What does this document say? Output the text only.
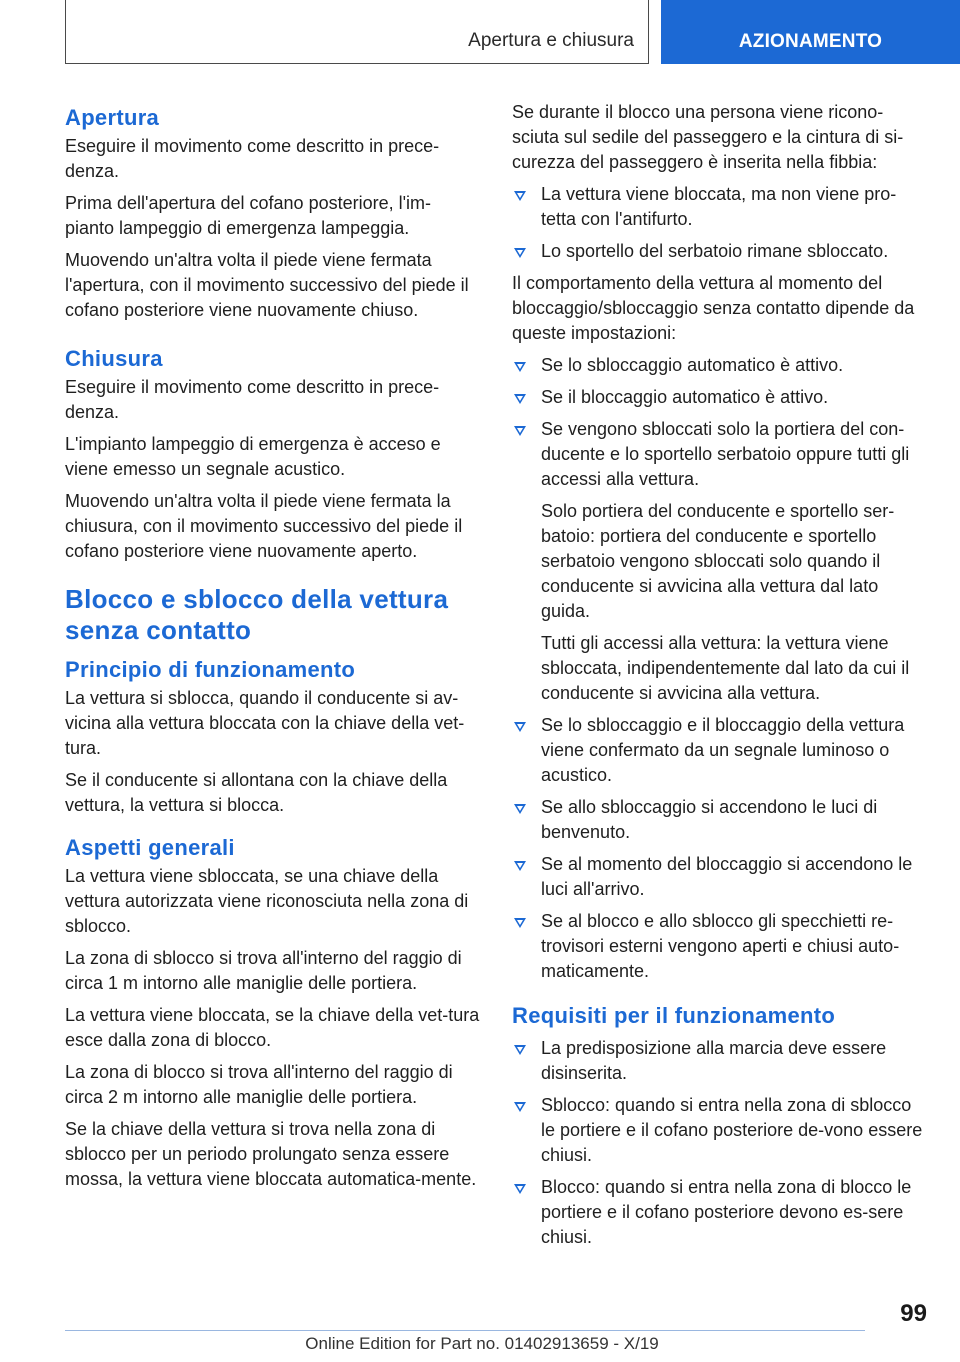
Apertura e chiusura	AZIONAMENTO
Apertura

Eseguire il movimento come descritto in prece-denza.

Prima dell'apertura del cofano posteriore, l'im-pianto lampeggio di emergenza lampeggia.

Muovendo un'altra volta il piede viene fermata l'apertura, con il movimento successivo del piede il cofano posteriore viene nuovamente chiuso.

Chiusura

Eseguire il movimento come descritto in prece-denza.

L'impianto lampeggio di emergenza è acceso e viene emesso un segnale acustico.

Muovendo un'altra volta il piede viene fermata la chiusura, con il movimento successivo del piede il cofano posteriore viene nuovamente aperto.

Blocco e sblocco della vettura senza contatto
Principio di funzionamento

La vettura si sblocca, quando il conducente si av-vicina alla vettura bloccata con la chiave della vet-tura.

Se il conducente si allontana con la chiave della vettura, la vettura si blocca.

Aspetti generali

La vettura viene sbloccata, se una chiave della vettura autorizzata viene riconosciuta nella zona di sblocco.

La zona di sblocco si trova all'interno del raggio di circa 1 m intorno alle maniglie delle portiera.

La vettura viene bloccata, se la chiave della vet-tura esce dalla zona di blocco.

La zona di blocco si trova all'interno del raggio di circa 2 m intorno alle maniglie delle portiera.

Se la chiave della vettura si trova nella zona di sblocco per un periodo prolungato senza essere mossa, la vettura viene bloccata automatica-mente.

Se durante il blocco una persona viene ricono-sciuta sul sedile del passeggero e la cintura di si-curezza del passeggero è inserita nella fibbia:

La vettura viene bloccata, ma non viene pro-tetta con l'antifurto.
Lo sportello del serbatoio rimane sbloccato.

Il comportamento della vettura al momento del bloccaggio/sbloccaggio senza contatto dipende da queste impostazioni:

Se lo sbloccaggio automatico è attivo.
Se il bloccaggio automatico è attivo.
Se vengono sbloccati solo la portiera del con-ducente e lo sportello serbatoio oppure tutti gli accessi alla vettura.

Solo portiera del conducente e sportello ser-batoio: portiera del conducente e sportello serbatoio vengono sbloccati solo quando il conducente si avvicina alla vettura dal lato guida.

Tutti gli accessi alla vettura: la vettura viene sbloccata, indipendentemente dal lato da cui il conducente si avvicina alla vettura.

Se lo sbloccaggio e il bloccaggio della vettura viene confermato da un segnale luminoso o acustico.
Se allo sbloccaggio si accendono le luci di benvenuto.
Se al momento del bloccaggio si accendono le luci all'arrivo.
Se al blocco e allo sblocco gli specchietti re-trovisori esterni vengono aperti e chiusi auto-maticamente.
Requisiti per il funzionamento
La predisposizione alla marcia deve essere disinserita.
Sblocco: quando si entra nella zona di sblocco le portiere e il cofano posteriore de-vono essere chiusi.
Blocco: quando si entra nella zona di blocco le portiere e il cofano posteriore devono es-sere chiusi.
99
Online Edition for Part no. 01402913659 - X/19
